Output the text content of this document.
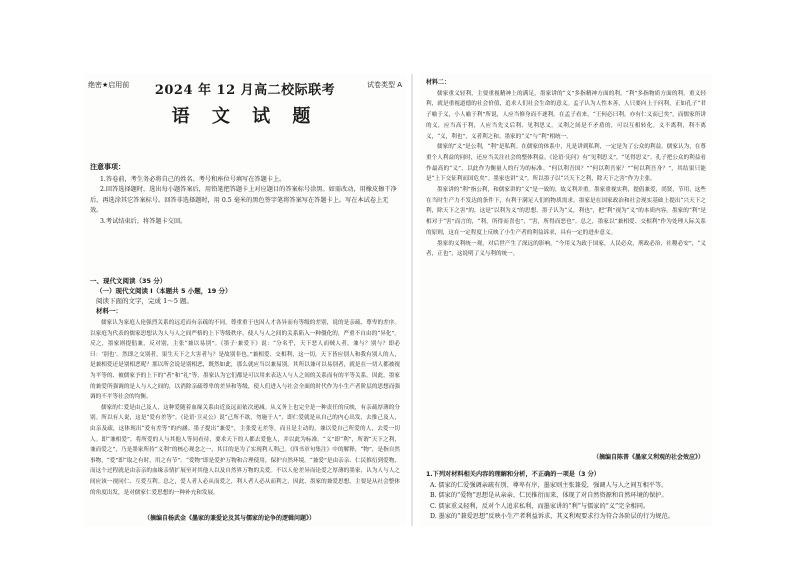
绝密★启用前	试卷类型 A
2024 年 12 月高二校际联考
语 文 试 题
注意事项：

1.答卷前，考生务必将自己的姓名、考号和座位号填写在答题卡上。

2.回答选择题时，选出每小题答案后，用铅笔把答题卡上对应题目的答案标号涂黑。如需改动，用橡皮擦干净后，再选涂其它答案标号。回答非选择题时，用 0.5 毫米的黑色签字笔将答案写在答题卡上。写在本试卷上无效。

3.考试结束后，将答题卡交回。

一、现代文阅读（35 分）

（一）现代文阅读 I（本题共 5 小题，19 分）

阅读下面的文字，完成 1～5 题。

材料一：

儒家认为家庭人伦强烈关系的远近而有亲疏的不同，尊重重于也因人才各异而有等级的差别，说的是亲疏、尊卑的差序。以家庭为代表的儒家思想认为人与人之间严格的上下等级秩序，使人与人之间的关系陷入一种僵化的，严重不自由的“异化”。反之，墨家则提倡兼，反对别，主张“兼以易别”。《墨子·兼爱下》说：“分名乎，天下恶人而贼人者，兼与？别与？即必曰：‘别也’。然即之交别者，果生天下之大害者与？是故别非也。”兼相爱、交相利，这一切，天下皆应别人和我有别人的人，是兼相爱还是别相恶呢？那以所会说是别相恶，既然如此，那么就应当以兼易别。其所以兼可以易别者，就是在一切人都被视为平等的、被儒家予的上下的“者”和“礼”等，墨家认为它们都是可以用来表达人与人之间的关系而有的平等关系。因此，墨家的兼爱所强调的是人与人之间的，以消除亲疏尊卑的差异和等级，使人们进入与社会全面的时代作为小生产者阶层的思想而强调的不平等社会的均衡。

儒家的仁爱是由己及人，这种爱随着血缘关系由近及远而依次递减。从义务上也完全是一种责任的反映，有亲疏厚薄的分别。所以有人说，这是“爱有差等”。《论语·卫灵公》说“己所不欲，勿施于人”，即仁爱就是从自己的内心出发，去推己及人，由亲及疏，这体现出“爱有差等”的内涵。墨子提出“兼爱”，主张爱无差等，而且是主动的，兼以爱自己所爱的人，去爱一切人。即“兼相爱”，将所爱的人与其他人等同看待，要求天下的人都去爱他人，并以此为标准。“义”即“利”，所谓“天下之利，兼而爱之”，乃是墨家所持“义利”的核心观念之一，其目的是为了实现利人利己。《四书章句集注》中的解释，“物”，是指自然事物，“爱”即“取之有时，用之有节”。“爱物”即是爱护万物和合理使用，保护自然环境。“兼爱”是由亲亲、仁民推衍到爱物，而这个过程就是由亲亲的血缘亲情扩展至对其他人以及自然界万物的关爱。不以人伦差异而论爱之厚薄的墨家，认为人与人之间应该一视同仁、互爱互利。总之，爱人者人必从而爱之，利人者人必从而利之，因此，墨家的兼爱思想，主要是从社会整体的角度出发，是对儒家仁爱思想的一种补充和发展。

（摘编自杨武金《墨家的兼爱论及其与儒家的论争的逻辑问题》）

材料二：

儒家重义轻利，主要重视精神上的满足，墨家讲的“义”多指精神方面的利，“利”多指物质方面的利。重义轻利，就是重视道德的社会价值，追求人们社会生命的意义。孟子认为人性本善，人只要向上于问利，正如孔子“君子喻于义，小人喻于利”所说，人应当修身而不逐利。在孟子看来，“王何必曰利，亦有仁义而已矣”，而儒家所讲的义，应当高于利，人应当先义后利、见利思义。义利之间是不矛盾的，可以互相转化。义不离利，利不离义，“义，利也”，义者利之和。墨家的“义”与“利”相统一。

儒家的“义”是公利，“利”是私利。在儒家的体系中，凡是讲到私利，一定是为了公众的利益。儒家认为，在尊重个人利益的同时，还应当关注社会的整体利益。《论语·宪问》有“见利思义”，“见得思义”。孔子把公众的利益看作最高的“义”，以此作为衡量人的行为的标准。“何以利吾国？”“何以利吾家？”“何以利吾身？”，其结果只能是“上下交征利而国危矣”。墨家也讲“义”。所以墨子以“兴天下之利，除天下之害”作为主张。

墨家讲的“利”指公利，和儒家讲的“义”是一致的，故义利并重。墨家重视实利，提倡兼爱，尚贤，节用，这些在当时生产力不发达的条件下，有利于满足人们的物质需求。墨家是在国家政治和社会现实基础上提出“兴天下之利，除天下之害”的，这是“以利为义”的思想。墨子认为“义，利也”，把“利”视为“义”的本质内容。墨家的“利”是相对于“害”而言的，“利，所得而喜也”，“害，所得而恶也”。总之，墨家以“兼相爱、交相利”作为处理人际关系的原则，这在一定程度上反映了小生产者的利益诉求，具有一定的进步意义。

墨家的义利统一观，对后世产生了深远的影响。“今用义为政于国家，人民必众，刑政必治，社稷必安”，“义者，正也”，这说明了义与利的统一。

（摘编自陈普《墨家义利观的社会效应》）

1.下列对材料相关内容的理解和分析，不正确的一项是（3 分）

A. 儒家的仁爱强调亲疏有别、尊卑有序，墨家则主张兼爱，强调人与人之间互相平等。

B. 儒家的“爱物”思想是从亲亲、仁民推衍而来，体现了对自然资源和自然环境的保护。

C. 儒家重义轻利，反对个人追求私利，而墨家讲的“利”与儒家的“义”完全相同。

D. 墨家的“兼爱思想”反映小生产者利益诉求，其义利观要求行为符合各阶层的行为规范。
